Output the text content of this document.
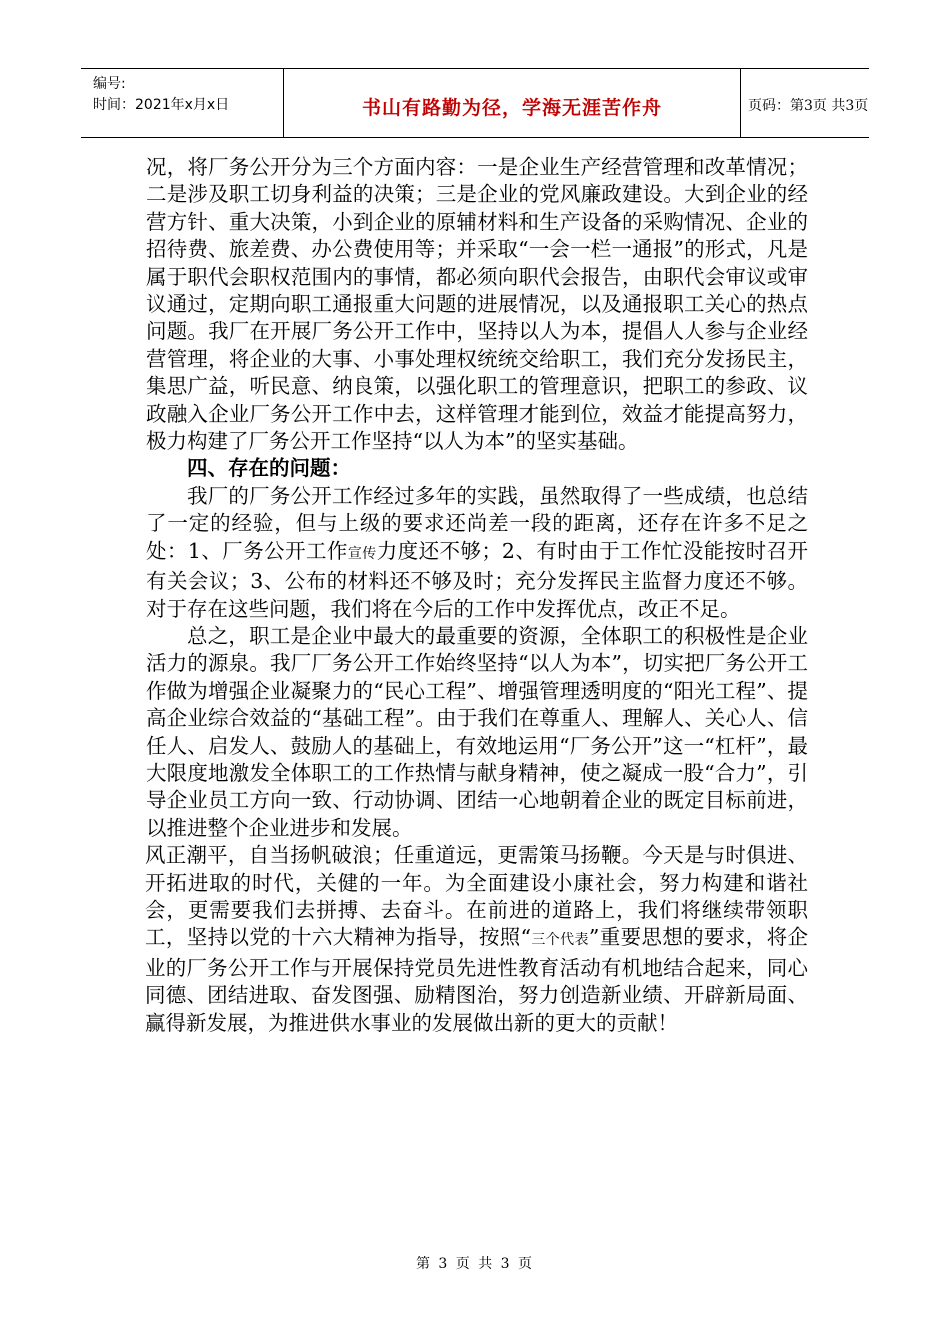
编号:
时间：2021年x月x日	书山有路勤为径，学海无涯苦作舟	页码：第3页 共3页

况，将厂务公开分为三个方面内容：一是企业生产经营管理和改革情况；二是涉及职工切身利益的决策；三是企业的党风廉政建设。大到企业的经营方针、重大决策，小到企业的原辅材料和生产设备的采购情况、企业的招待费、旅差费、办公费使用等；并采取“一会一栏一通报”的形式，凡是属于职代会职权范围内的事情，都必须向职代会报告，由职代会审议或审议通过，定期向职工通报重大问题的进展情况，以及通报职工关心的热点问题。我厂在开展厂务公开工作中，坚持以人为本，提倡人人参与企业经营管理，将企业的大事、小事处理权统统交给职工，我们充分发扬民主，集思广益，听民意、纳良策，以强化职工的管理意识，把职工的参政、议政融入企业厂务公开工作中去，这样管理才能到位，效益才能提高努力，极力构建了厂务公开工作坚持“以人为本”的坚实基础。

四、存在的问题：

我厂的厂务公开工作经过多年的实践，虽然取得了一些成绩，也总结了一定的经验，但与上级的要求还尚差一段的距离，还存在许多不足之处：1、厂务公开工作宣传力度还不够；2、有时由于工作忙没能按时召开有关会议；3、公布的材料还不够及时；充分发挥民主监督力度还不够。对于存在这些问题，我们将在今后的工作中发挥优点，改正不足。

总之，职工是企业中最大的最重要的资源，全体职工的积极性是企业活力的源泉。我厂厂务公开工作始终坚持“以人为本”，切实把厂务公开工作做为增强企业凝聚力的“民心工程”、增强管理透明度的“阳光工程”、提高企业综合效益的“基础工程”。由于我们在尊重人、理解人、关心人、信任人、启发人、鼓励人的基础上，有效地运用“厂务公开”这一“杠杆”，最大限度地激发全体职工的工作热情与献身精神，使之凝成一股“合力”，引导企业员工方向一致、行动协调、团结一心地朝着企业的既定目标前进，以推进整个企业进步和发展。

风正潮平，自当扬帆破浪；任重道远，更需策马扬鞭。今天是与时俱进、开拓进取的时代，关健的一年。为全面建设小康社会，努力构建和谐社会，更需要我们去拼搏、去奋斗。在前进的道路上，我们将继续带领职工，坚持以党的十六大精神为指导，按照“三个代表”重要思想的要求，将企业的厂务公开工作与开展保持党员先进性教育活动有机地结合起来，同心同德、团结进取、奋发图强、励精图治，努力创造新业绩、开辟新局面、赢得新发展，为推进供水事业的发展做出新的更大的贡献！

第 3 页 共 3 页
